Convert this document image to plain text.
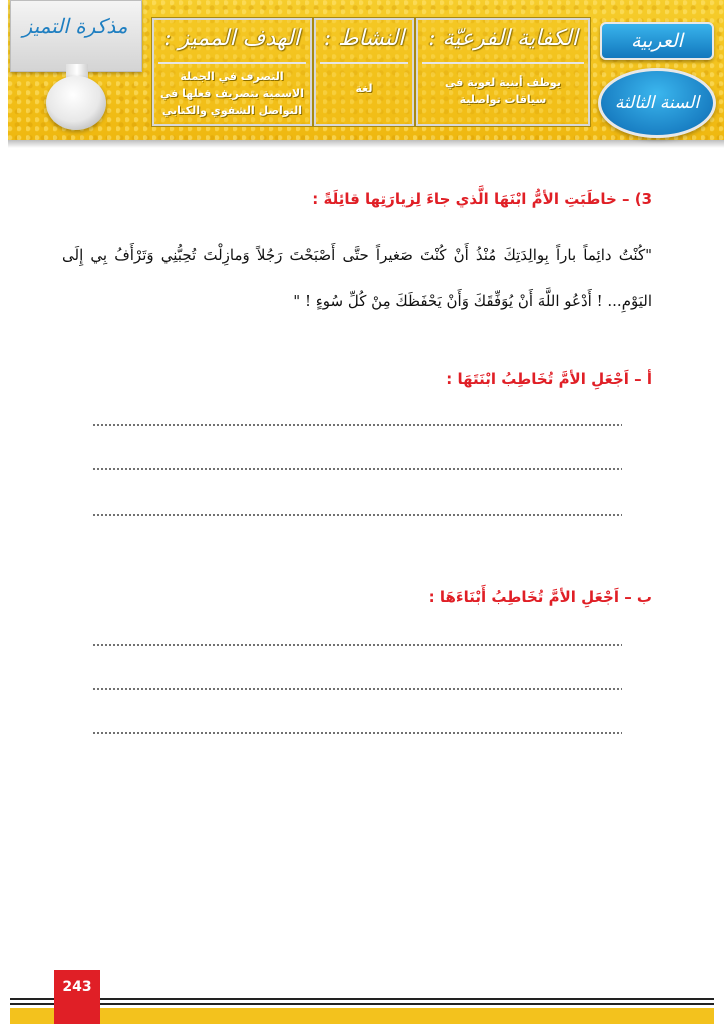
مذكرة التميز	الهدف المميز :
التصرف في الجملة الاسمية بتصريف فعلها في التواصل الشفوي والكتابي
النشاط :
لغة
الكفاية الفرعيّة :
يوظف أبنية لغوية في سياقات تواصلية
العربية
السنة الثالثة
3) – خاطَبَتِ الأمُّ ابْنَهَا الَّذي جاءَ لِزيارَتِها قائِلَةً :
"كُنْتُ دائِماً باراً بِوالِدَتِكَ مُنْذُ أَنْ كُنْتَ صَغيراً حتَّى أَصْبَحْتَ رَجُلاً وَمازِلْتَ تُحِبُّنِي وَتَرْأَفُ بِي إِلَى اليَوْمِ... ! أَدْعُو اللَّهَ أَنْ يُوَفِّقَكَ وَأَنْ يَحْفَظَكَ مِنْ كُلِّ سُوءٍ ! "
أ – اَجْعَلِ الأمَّ تُخَاطِبُ ابْنَتَهَا :
ب – اَجْعَلِ الأمَّ تُخَاطِبُ أَبْنَاءَهَا :
243
